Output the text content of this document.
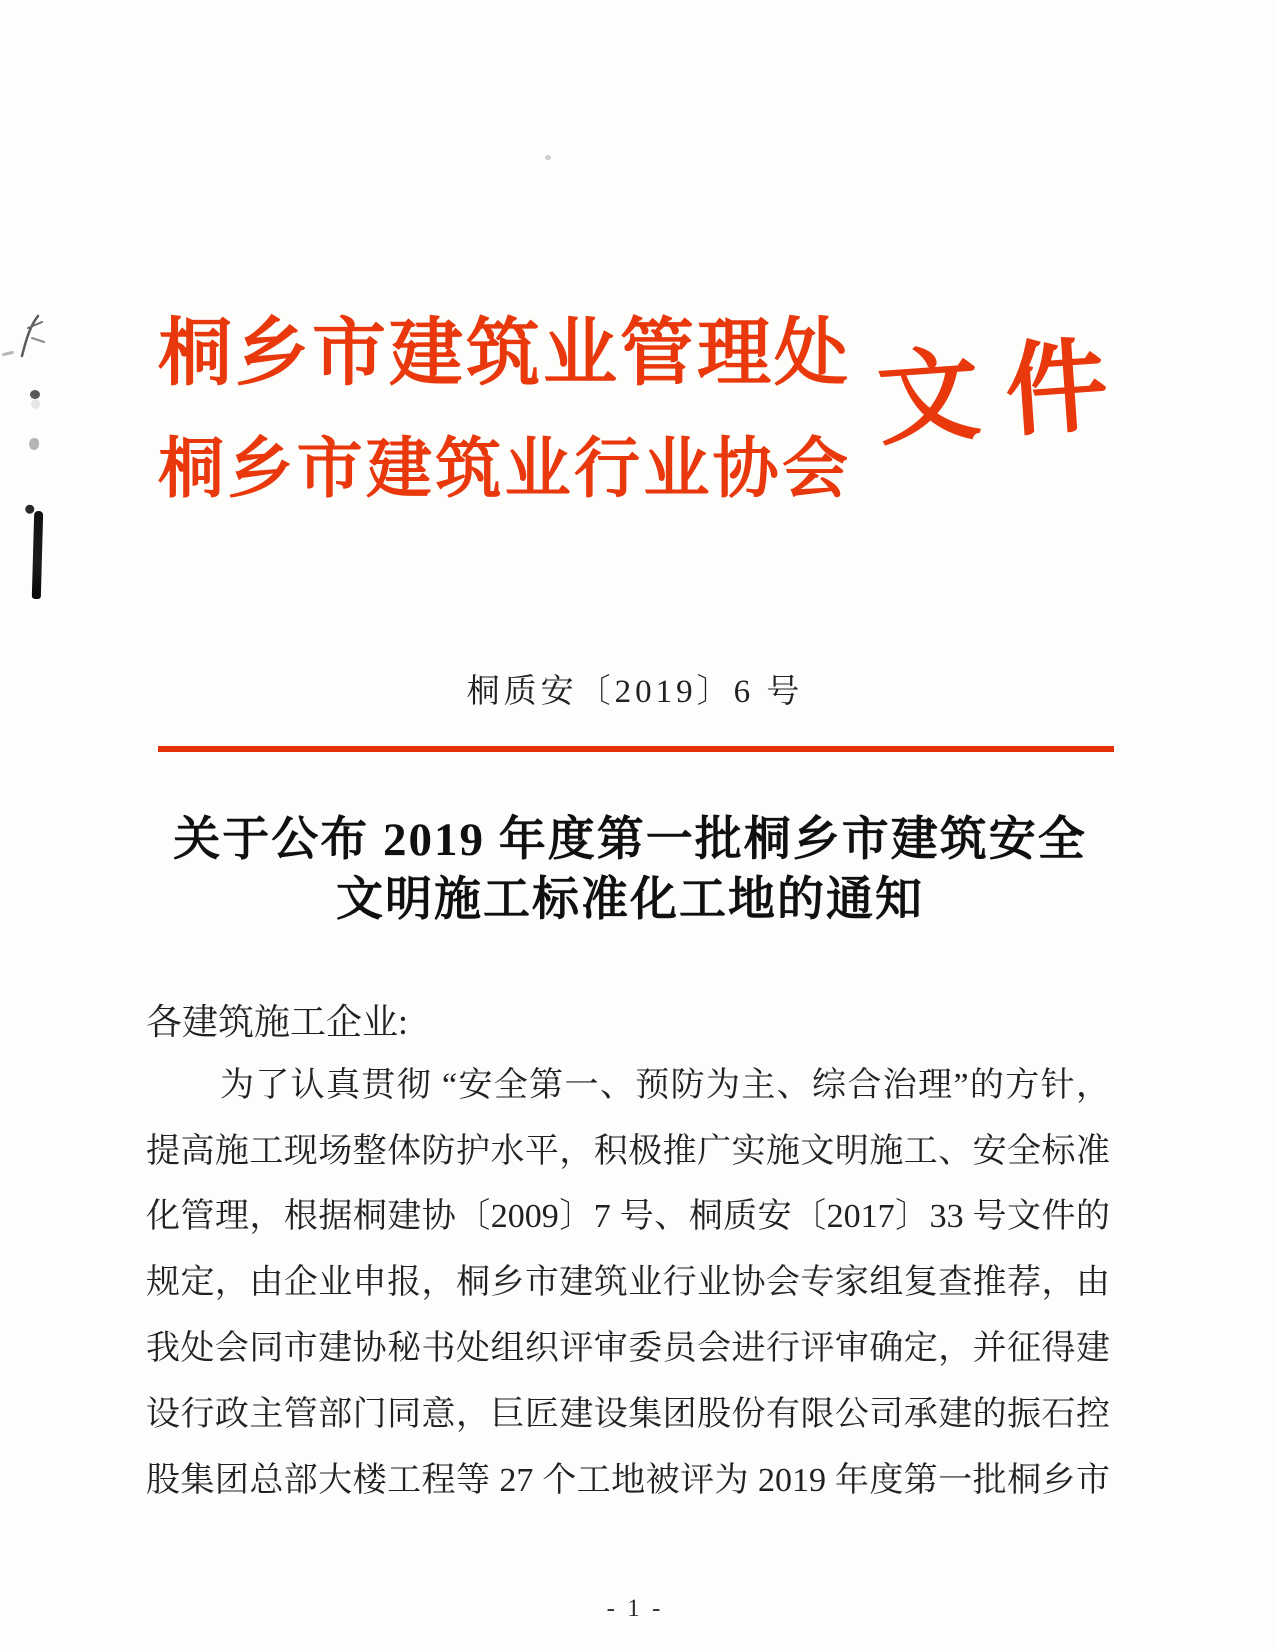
桐乡市建筑业管理处
桐乡市建筑业行业协会
文件
桐质安〔2019〕6 号
关于公布 2019 年度第一批桐乡市建筑安全
文明施工标准化工地的通知
各建筑施工企业:
为了认真贯彻 “安全第一、预防为主、综合治理”的方针，
提高施工现场整体防护水平，积极推广实施文明施工、安全标准
化管理，根据桐建协〔2009〕7 号、桐质安〔2017〕33 号文件的
规定，由企业申报，桐乡市建筑业行业协会专家组复查推荐，由
我处会同市建协秘书处组织评审委员会进行评审确定，并征得建
设行政主管部门同意，巨匠建设集团股份有限公司承建的振石控
股集团总部大楼工程等 27 个工地被评为 2019 年度第一批桐乡市
- 1 -
